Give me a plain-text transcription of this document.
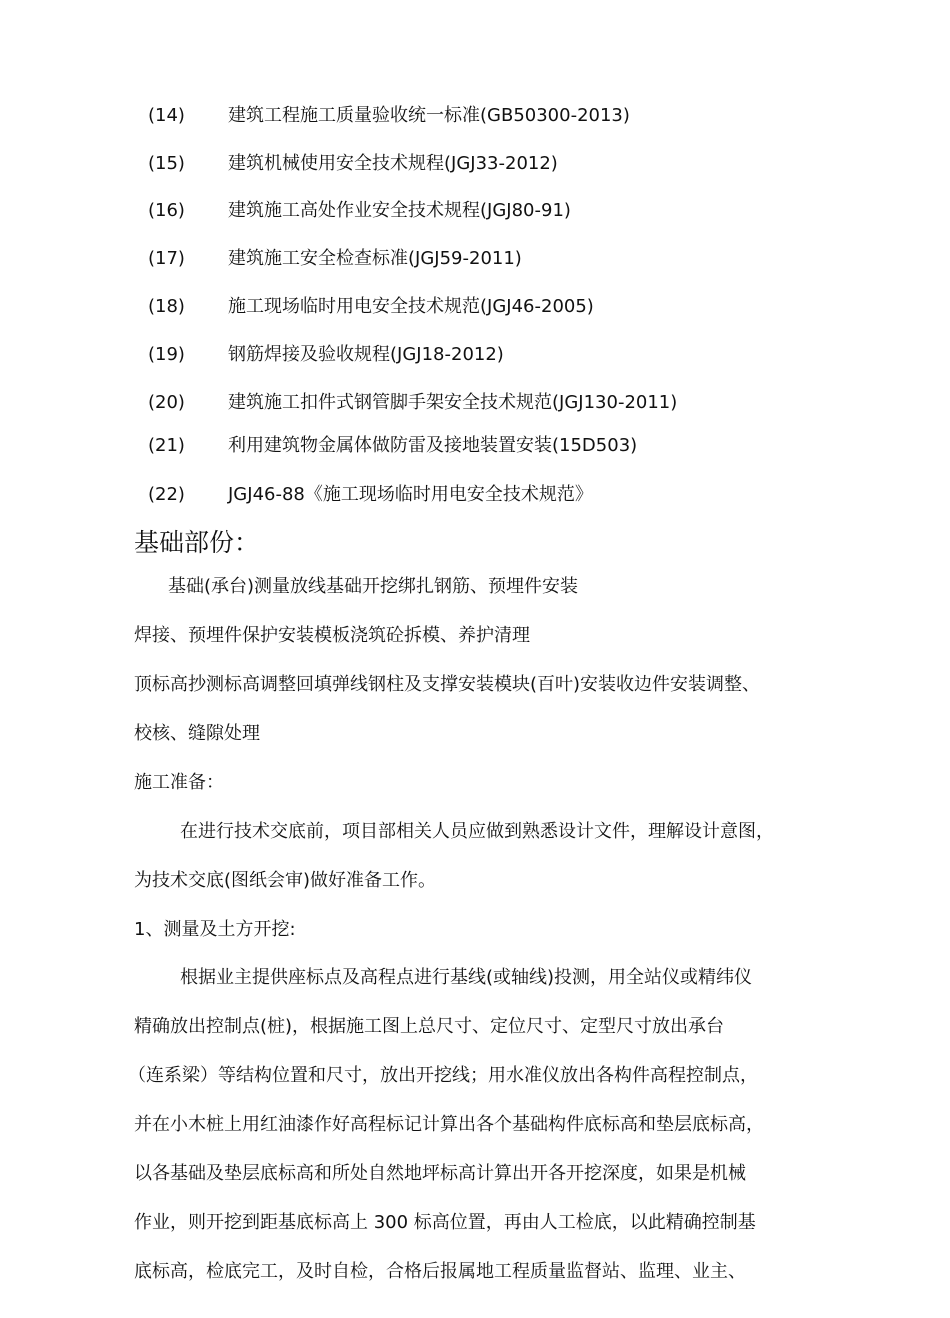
(14) 建筑工程施工质量验收统一标准(GB50300-2013)
(15) 建筑机械使用安全技术规程(JGJ33-2012)
(16) 建筑施工高处作业安全技术规程(JGJ80-91)
(17) 建筑施工安全检查标准(JGJ59-2011)
(18) 施工现场临时用电安全技术规范(JGJ46-2005)
(19) 钢筋焊接及验收规程(JGJ18-2012)
(20) 建筑施工扣件式钢管脚手架安全技术规范(JGJ130-2011)
(21) 利用建筑物金属体做防雷及接地装置安装(15D503)
(22) JGJ46-88《施工现场临时用电安全技术规范》
基础部份：
基础(承台)测量放线基础开挖绑扎钢筋、预埋件安装
焊接、预埋件保护安装模板浇筑砼拆模、养护清理
顶标高抄测标高调整回填弹线钢柱及支撑安装模块(百叶)安装收边件安装调整、
校核、缝隙处理
施工准备：
在进行技术交底前，项目部相关人员应做到熟悉设计文件，理解设计意图，
为技术交底(图纸会审)做好准备工作。
1、测量及土方开挖:
根据业主提供座标点及高程点进行基线(或轴线)投测，用全站仪或精纬仪
精确放出控制点(桩)，根据施工图上总尺寸、定位尺寸、定型尺寸放出承台
（连系梁）等结构位置和尺寸，放出开挖线；用水准仪放出各构件高程控制点，
并在小木桩上用红油漆作好高程标记计算出各个基础构件底标高和垫层底标高，
以各基础及垫层底标高和所处自然地坪标高计算出开各开挖深度，如果是机械
作业，则开挖到距基底标高上 300 标高位置，再由人工检底，以此精确控制基
底标高，检底完工，及时自检，合格后报属地工程质量监督站、监理、业主、
